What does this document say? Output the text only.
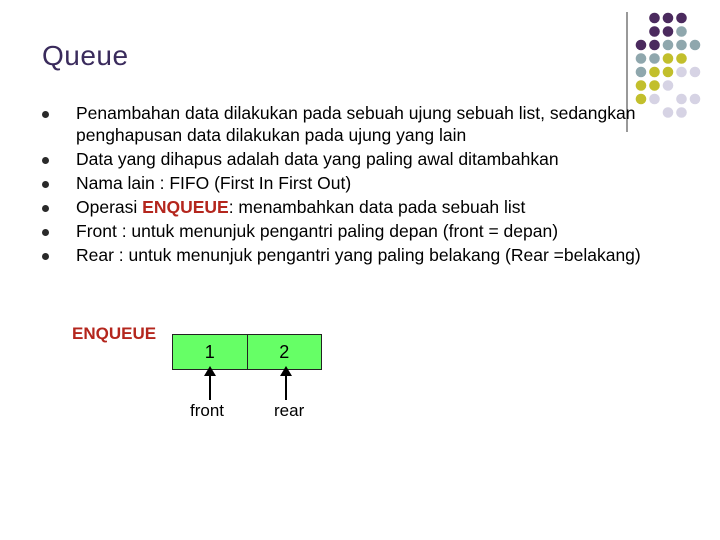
Queue
Penambahan data dilakukan pada sebuah ujung sebuah list, sedangkan penghapusan data dilakukan pada ujung yang lain
Data yang dihapus adalah data yang paling awal ditambahkan
Nama lain : FIFO (First In First Out)
Operasi ENQUEUE: menambahkan data pada sebuah list
Front : untuk menunjuk pengantri paling depan (front = depan)
Rear : untuk menunjuk pengantri yang paling belakang (Rear =belakang)
ENQUEUE
1	2
front	rear
